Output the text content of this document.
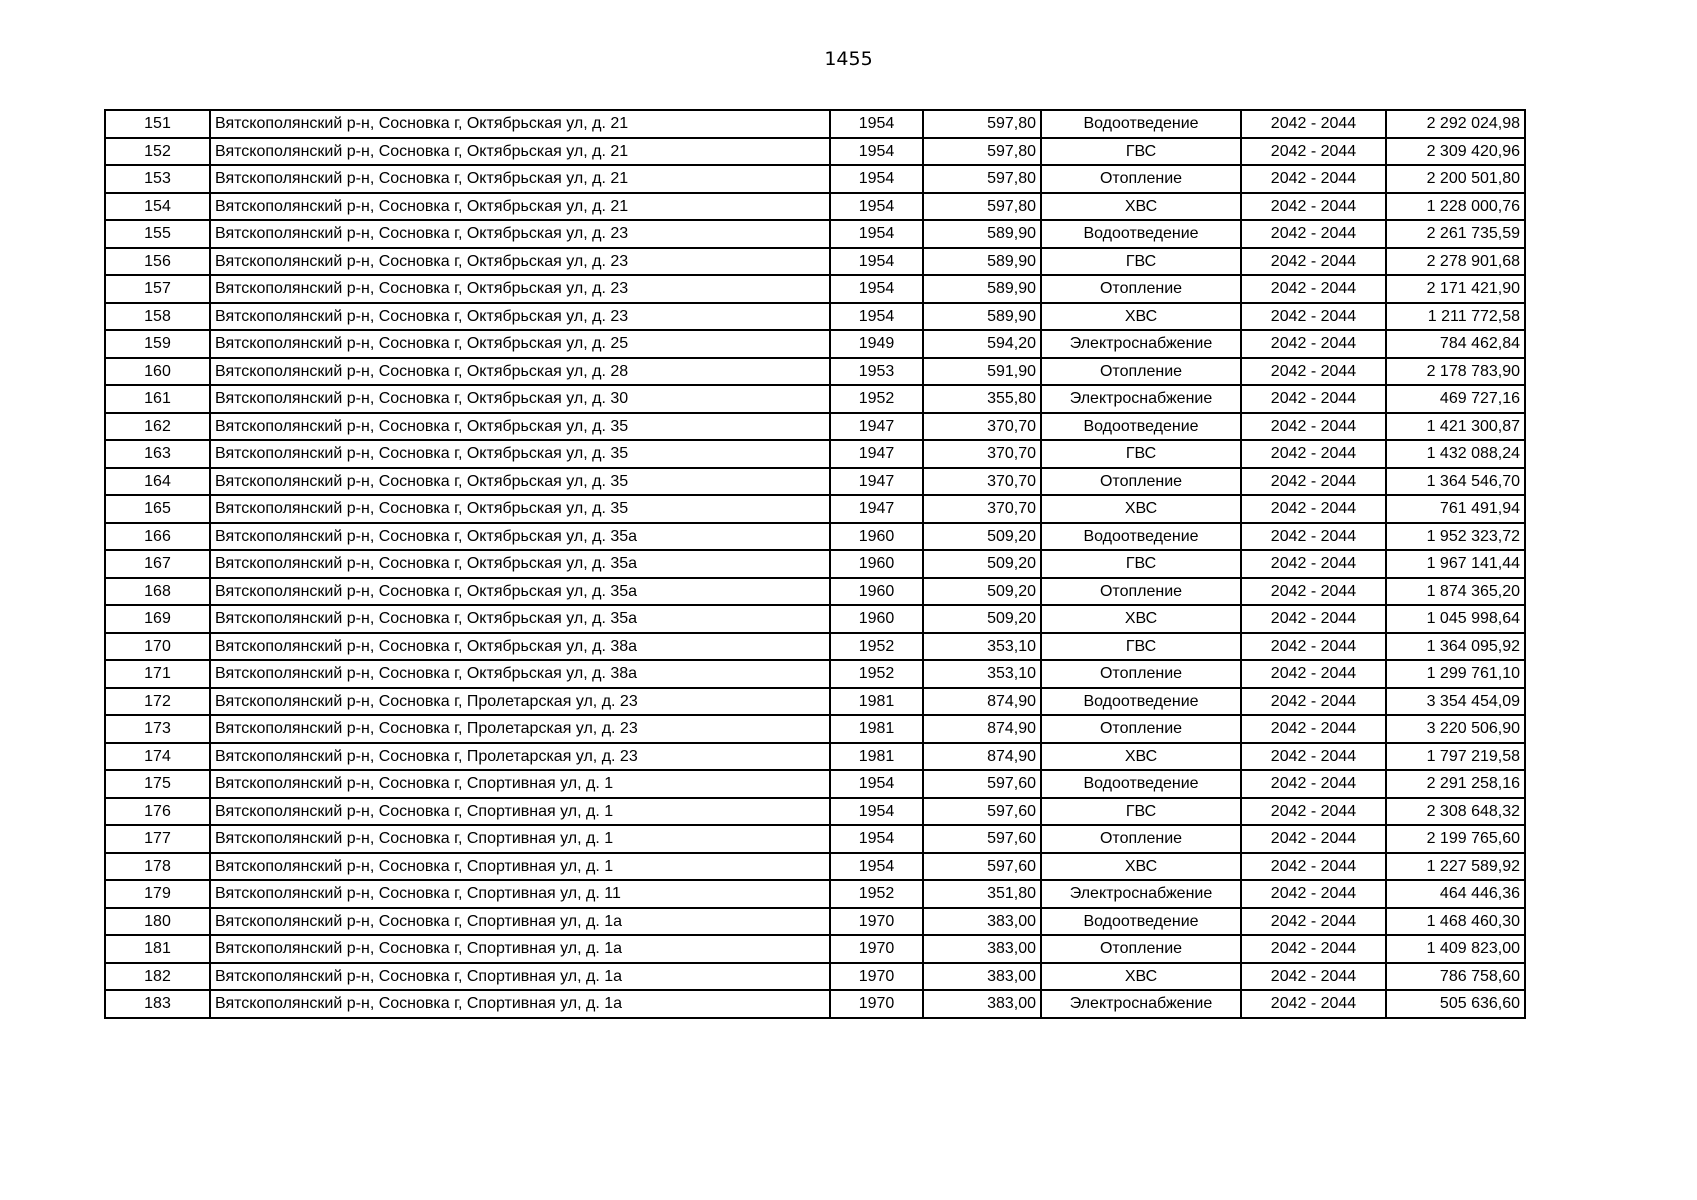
1455
151	Вятскополянский р-н, Сосновка г, Октябрьская ул, д. 21	1954	597,80	Водоотведение	2042 - 2044	2 292 024,98
152	Вятскополянский р-н, Сосновка г, Октябрьская ул, д. 21	1954	597,80	ГВС	2042 - 2044	2 309 420,96
153	Вятскополянский р-н, Сосновка г, Октябрьская ул, д. 21	1954	597,80	Отопление	2042 - 2044	2 200 501,80
154	Вятскополянский р-н, Сосновка г, Октябрьская ул, д. 21	1954	597,80	ХВС	2042 - 2044	1 228 000,76
155	Вятскополянский р-н, Сосновка г, Октябрьская ул, д. 23	1954	589,90	Водоотведение	2042 - 2044	2 261 735,59
156	Вятскополянский р-н, Сосновка г, Октябрьская ул, д. 23	1954	589,90	ГВС	2042 - 2044	2 278 901,68
157	Вятскополянский р-н, Сосновка г, Октябрьская ул, д. 23	1954	589,90	Отопление	2042 - 2044	2 171 421,90
158	Вятскополянский р-н, Сосновка г, Октябрьская ул, д. 23	1954	589,90	ХВС	2042 - 2044	1 211 772,58
159	Вятскополянский р-н, Сосновка г, Октябрьская ул, д. 25	1949	594,20	Электроснабжение	2042 - 2044	784 462,84
160	Вятскополянский р-н, Сосновка г, Октябрьская ул, д. 28	1953	591,90	Отопление	2042 - 2044	2 178 783,90
161	Вятскополянский р-н, Сосновка г, Октябрьская ул, д. 30	1952	355,80	Электроснабжение	2042 - 2044	469 727,16
162	Вятскополянский р-н, Сосновка г, Октябрьская ул, д. 35	1947	370,70	Водоотведение	2042 - 2044	1 421 300,87
163	Вятскополянский р-н, Сосновка г, Октябрьская ул, д. 35	1947	370,70	ГВС	2042 - 2044	1 432 088,24
164	Вятскополянский р-н, Сосновка г, Октябрьская ул, д. 35	1947	370,70	Отопление	2042 - 2044	1 364 546,70
165	Вятскополянский р-н, Сосновка г, Октябрьская ул, д. 35	1947	370,70	ХВС	2042 - 2044	761 491,94
166	Вятскополянский р-н, Сосновка г, Октябрьская ул, д. 35а	1960	509,20	Водоотведение	2042 - 2044	1 952 323,72
167	Вятскополянский р-н, Сосновка г, Октябрьская ул, д. 35а	1960	509,20	ГВС	2042 - 2044	1 967 141,44
168	Вятскополянский р-н, Сосновка г, Октябрьская ул, д. 35а	1960	509,20	Отопление	2042 - 2044	1 874 365,20
169	Вятскополянский р-н, Сосновка г, Октябрьская ул, д. 35а	1960	509,20	ХВС	2042 - 2044	1 045 998,64
170	Вятскополянский р-н, Сосновка г, Октябрьская ул, д. 38а	1952	353,10	ГВС	2042 - 2044	1 364 095,92
171	Вятскополянский р-н, Сосновка г, Октябрьская ул, д. 38а	1952	353,10	Отопление	2042 - 2044	1 299 761,10
172	Вятскополянский р-н, Сосновка г, Пролетарская ул, д. 23	1981	874,90	Водоотведение	2042 - 2044	3 354 454,09
173	Вятскополянский р-н, Сосновка г, Пролетарская ул, д. 23	1981	874,90	Отопление	2042 - 2044	3 220 506,90
174	Вятскополянский р-н, Сосновка г, Пролетарская ул, д. 23	1981	874,90	ХВС	2042 - 2044	1 797 219,58
175	Вятскополянский р-н, Сосновка г, Спортивная ул, д. 1	1954	597,60	Водоотведение	2042 - 2044	2 291 258,16
176	Вятскополянский р-н, Сосновка г, Спортивная ул, д. 1	1954	597,60	ГВС	2042 - 2044	2 308 648,32
177	Вятскополянский р-н, Сосновка г, Спортивная ул, д. 1	1954	597,60	Отопление	2042 - 2044	2 199 765,60
178	Вятскополянский р-н, Сосновка г, Спортивная ул, д. 1	1954	597,60	ХВС	2042 - 2044	1 227 589,92
179	Вятскополянский р-н, Сосновка г, Спортивная ул, д. 11	1952	351,80	Электроснабжение	2042 - 2044	464 446,36
180	Вятскополянский р-н, Сосновка г, Спортивная ул, д. 1а	1970	383,00	Водоотведение	2042 - 2044	1 468 460,30
181	Вятскополянский р-н, Сосновка г, Спортивная ул, д. 1а	1970	383,00	Отопление	2042 - 2044	1 409 823,00
182	Вятскополянский р-н, Сосновка г, Спортивная ул, д. 1а	1970	383,00	ХВС	2042 - 2044	786 758,60
183	Вятскополянский р-н, Сосновка г, Спортивная ул, д. 1а	1970	383,00	Электроснабжение	2042 - 2044	505 636,60
